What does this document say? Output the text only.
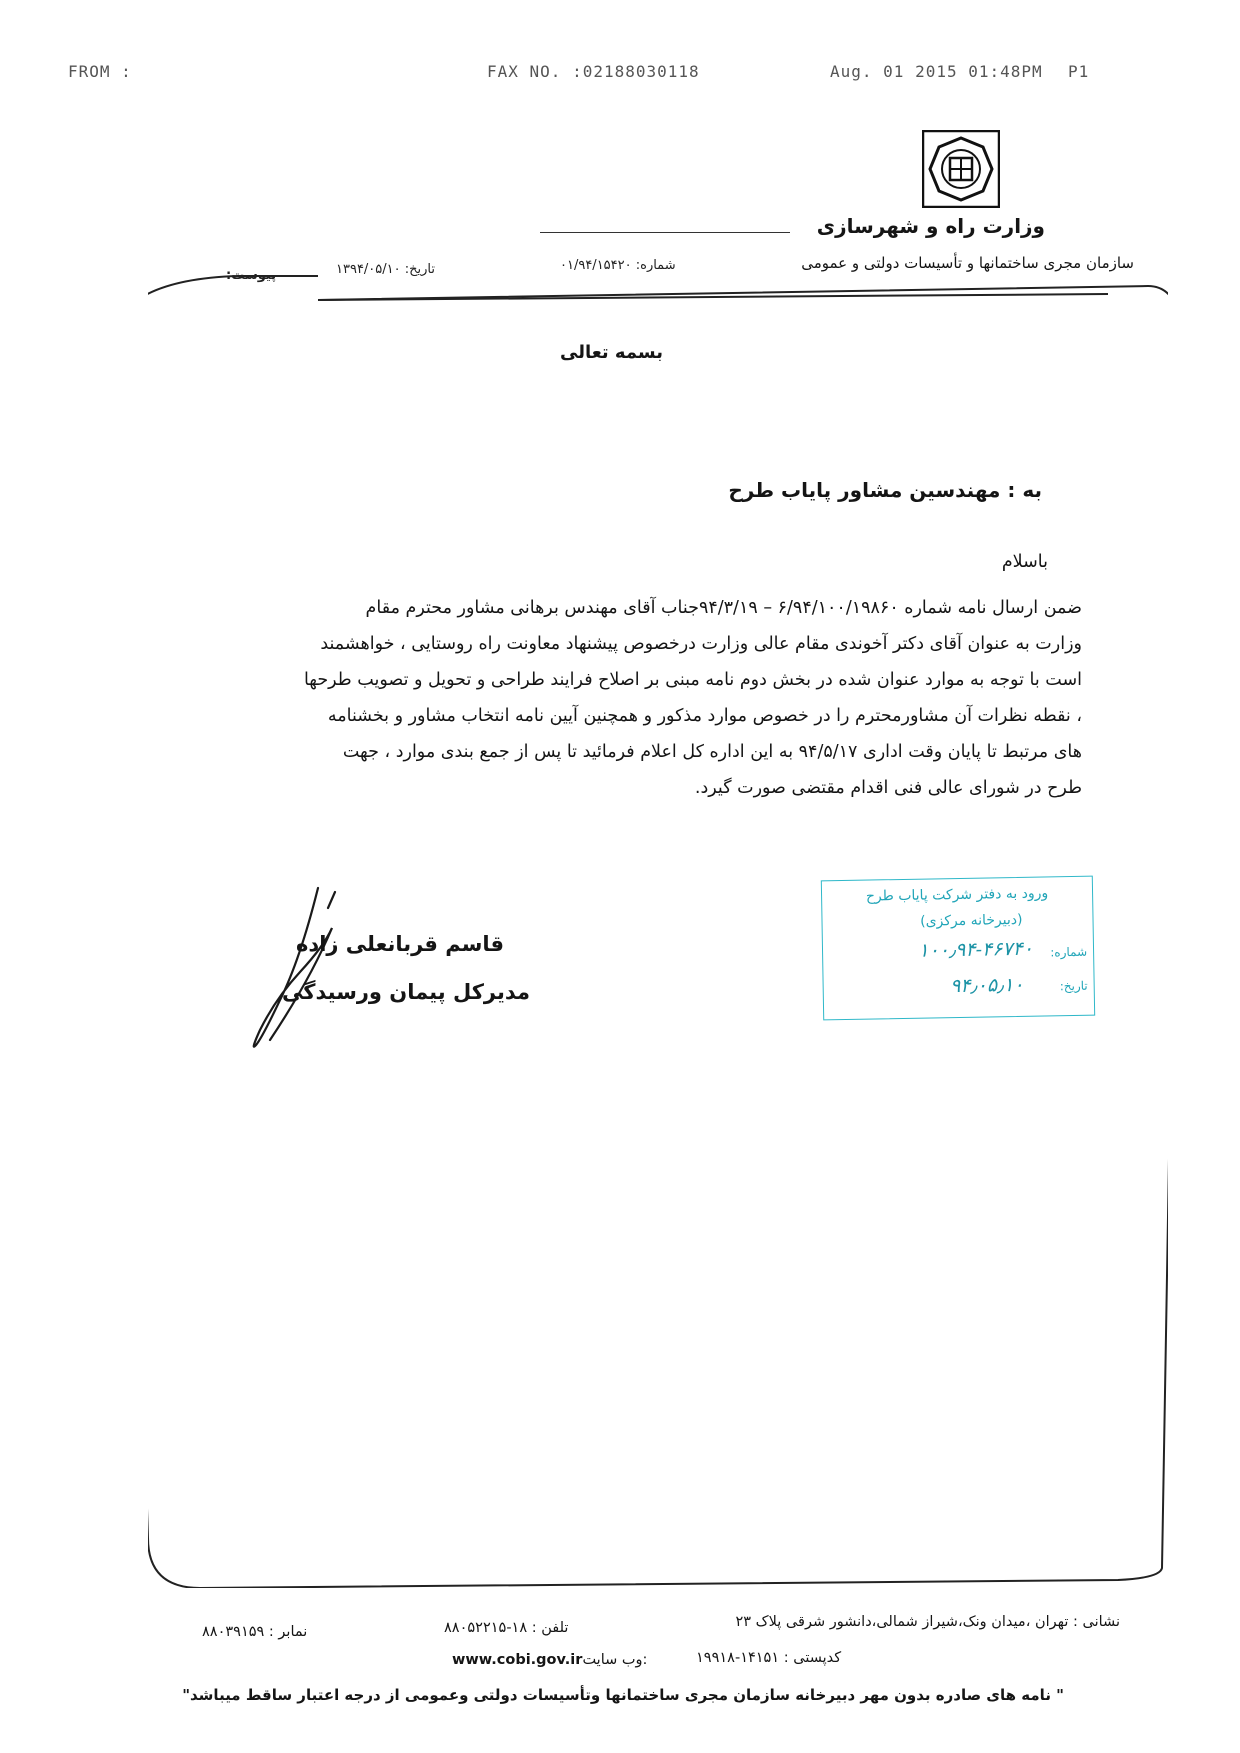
FROM :	FAX NO. :02188030118	Aug. 01 2015 01:48PM P1
وزارت راه و شهرسازی
سازمان مجری ساختمانها و تأسیسات دولتی و عمومی
شماره: ۰۱/۹۴/۱۵۴۲۰
تاریخ: ۱۳۹۴/۰۵/۱۰
پیوست:
بسمه تعالی
به : مهندسین مشاور پایاب طرح
باسلام

ضمن ارسال نامه شماره ۶/۹۴/۱۰۰/۱۹۸۶۰ – ۹۴/۳/۱۹جناب آقای مهندس برهانی مشاور محترم مقام

وزارت به عنوان آقای دکتر آخوندی مقام عالی وزارت درخصوص پیشنهاد معاونت راه روستایی ، خواهشمند

است با توجه به موارد عنوان شده در بخش دوم نامه مبنی بر اصلاح فرایند طراحی و تحویل و تصویب طرحها

، نقطه نظرات آن مشاورمحترم را در خصوص موارد مذکور و همچنین آیین نامه انتخاب مشاور و بخشنامه

های مرتبط تا پایان وقت اداری ۹۴/۵/۱۷ به این اداره کل اعلام فرمائید تا پس از جمع بندی موارد ، جهت

طرح در شورای عالی فنی اقدام مقتضی صورت گیرد.

قاسم قربانعلی زاده
مدیرکل پیمان ورسیدگی
ورود به دفتر شرکت پایاب طرح
(دبیرخانه مرکزی)
شماره:
۱۰۰٫۹۴-۴۶۷۴۰
تاریخ:
۹۴٫۰۵٫۱۰
نشانی : تهران ،میدان ونک،شیراز شمالی،دانشور شرقی پلاک ۲۳
تلفن : ۱۸-۸۸۰۵۲۲۱۵
نمابر : ۸۸۰۳۹۱۵۹
کدپستی : ۱۴۱۵۱-۱۹۹۱۸
www.cobi.gov.irوب سایت:
" نامه های صادره بدون مهر دبیرخانه سازمان مجری ساختمانها وتأسیسات دولتی وعمومی از درجه اعتبار ساقط میباشد"
